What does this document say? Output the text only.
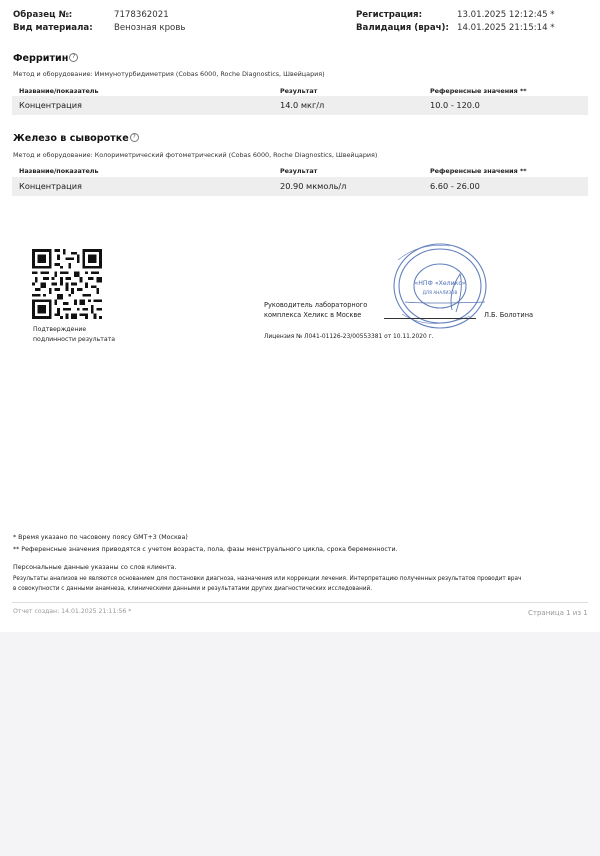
Образец №:	7178362021
Вид материала: Венозная кровь
Регистрация:	13.01.2025 12:12:45 *
Валидация (врач): 14.01.2025 21:15:14 *
Ферритин ?
Метод и оборудование: Иммунотурбидиметрия (Cobas 6000, Roche Diagnostics, Швейцария)
Название/показатель	Результат	Референсные значения **
Концентрация	14.0 мкг/л	10.0 - 120.0
Железо в сыворотке ?
Метод и оборудование: Колориметрический фотометрический (Cobas 6000, Roche Diagnostics, Швейцария)
Название/показатель	Результат	Референсные значения **
Концентрация	20.90 мкмоль/л	6.60 - 26.00
Подтверждение
подлинности результата
«НПФ «Хеликс»
ДЛЯ АНАЛИЗОВ
Руководитель лабораторного
комплекса Хеликс в Москве	Л.Б. Болотина
Лицензия № Л041-01126-23/00553381 от 10.11.2020 г.
* Время указано по часовому поясу GMT+3 (Москва)
** Референсные значения приводятся с учетом возраста, пола, фазы менструального цикла, срока беременности.
Персональные данные указаны со слов клиента.
Результаты анализов не являются основанием для постановки диагноза, назначения или коррекции лечения. Интерпретацию полученных результатов проводит врач
в совокупности с данными анамнеза, клиническими данными и результатами других диагностических исследований.
Отчет создан: 14.01.2025 21:11:56 *	Страница 1 из 1
